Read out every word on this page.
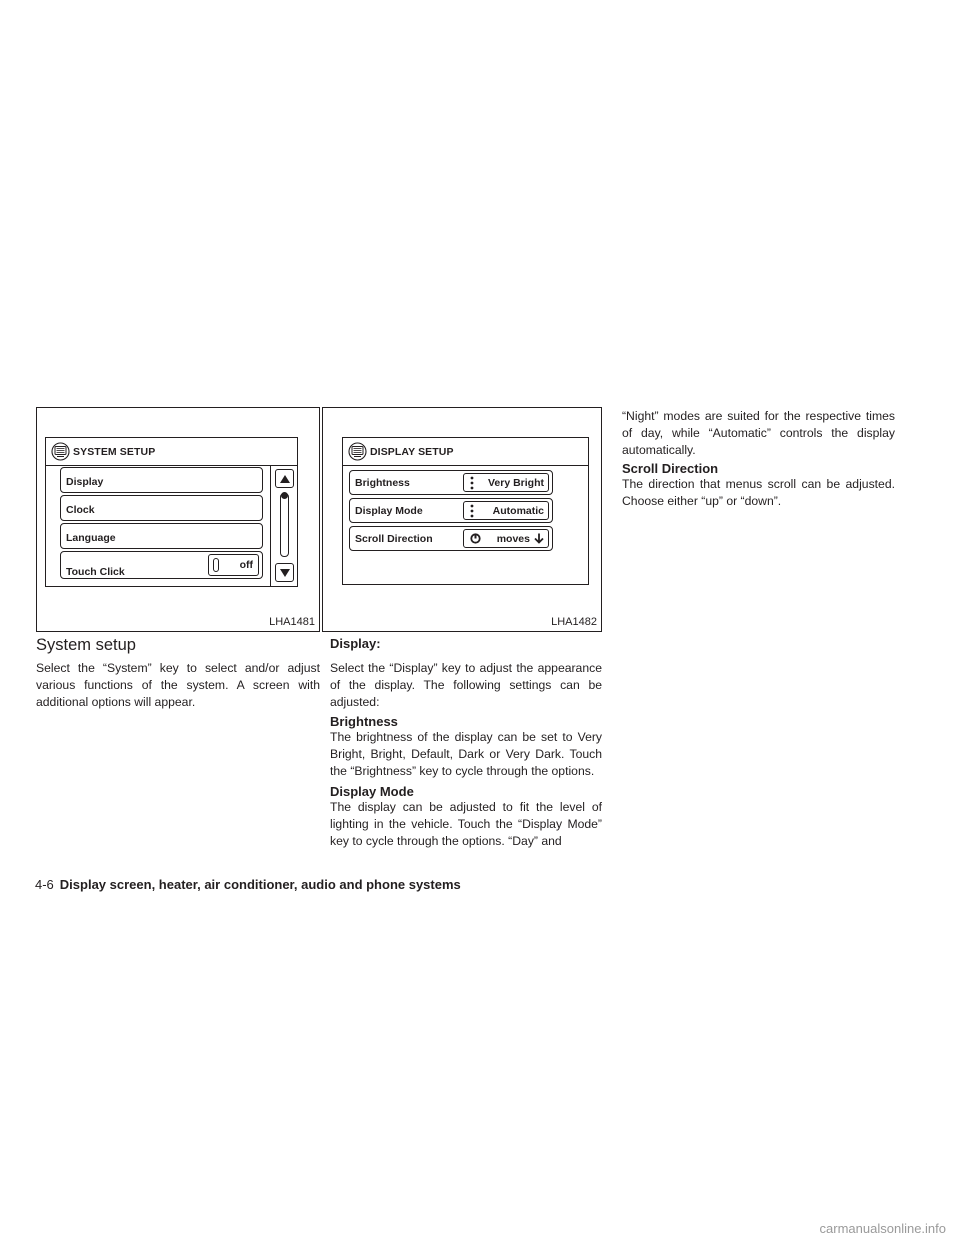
SYSTEM SETUP
Display
Clock
Language
Touch Click
off
LHA1481
DISPLAY SETUP
Brightness	Very Bright
Display Mode	Automatic
Scroll Direction	moves
LHA1482
System setup

Select the “System” key to select and/or adjust various functions of the system. A screen with additional options will appear.

Display:

Select the “Display” key to adjust the appearance of the display. The following settings can be adjusted:

Brightness

The brightness of the display can be set to Very Bright, Bright, Default, Dark or Very Dark. Touch the “Brightness” key to cycle through the options.

Display Mode

The display can be adjusted to fit the level of lighting in the vehicle. Touch the “Display Mode” key to cycle through the options. “Day” and

“Night” modes are suited for the respective times of day, while “Automatic” controls the display automatically.

Scroll Direction

The direction that menus scroll can be adjusted. Choose either “up” or “down”.

4-6 Display screen, heater, air conditioner, audio and phone systems
carmanualsonline.info
